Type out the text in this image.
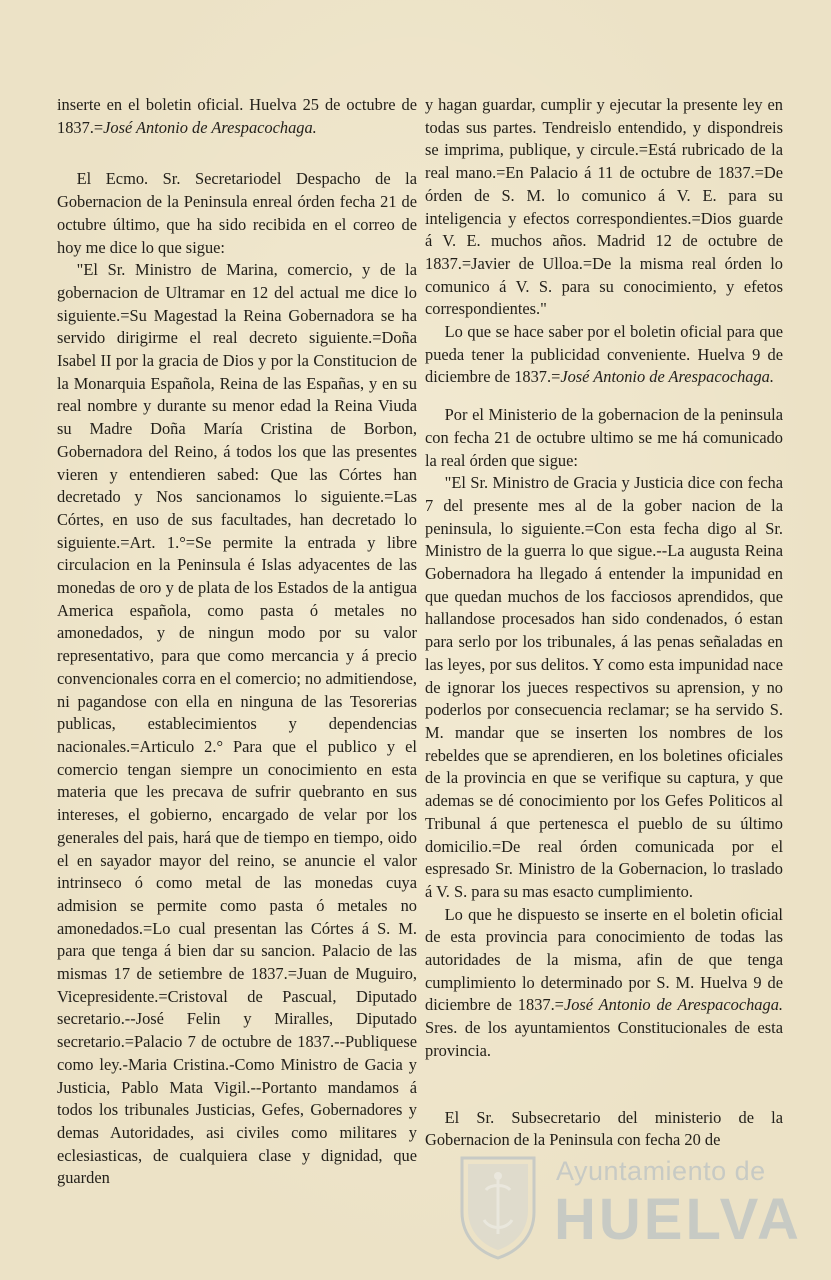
inserte en el boletin oficial. Huelva 25 de octubre de 1837.=José Antonio de Arespacochaga.

El Ecmo. Sr. Secretariodel Despacho de la Gobernacion de la Peninsula enreal órden fecha 21 de octubre último, que ha sido recibida en el correo de hoy me dice lo que sigue:

"El Sr. Ministro de Marina, comercio, y de la gobernacion de Ultramar en 12 del actual me dice lo siguiente.=Su Magestad la Reina Gobernadora se ha servido dirigirme el real decreto siguiente.=Doña Isabel II por la gracia de Dios y por la Constitucion de la Monarquia Española, Reina de las Españas, y en su real nombre y durante su menor edad la Reina Viuda su Madre Doña María Cristina de Borbon, Gobernadora del Reino, á todos los que las presentes vieren y entendieren sabed: Que las Córtes han decretado y Nos sancionamos lo siguiente.=Las Córtes, en uso de sus facultades, han decretado lo siguiente.=Art. 1.°=Se permite la entrada y libre circulacion en la Peninsula é Islas adyacentes de las monedas de oro y de plata de los Estados de la antigua America española, como pasta ó metales no amonedados, y de ningun modo por su valor representativo, para que como mercancia y á precio convencionales corra en el comercio; no admitiendose, ni pagandose con ella en ninguna de las Tesorerias publicas, establecimientos y dependencias nacionales.=Articulo 2.° Para que el publico y el comercio tengan siempre un conocimiento en esta materia que les precava de sufrir quebranto en sus intereses, el gobierno, encargado de velar por los generales del pais, hará que de tiempo en tiempo, oido el en sayador mayor del reino, se anuncie el valor intrinseco ó como metal de las monedas cuya admision se permite como pasta ó metales no amonedados.=Lo cual presentan las Córtes á S. M. para que tenga á bien dar su sancion. Palacio de las mismas 17 de setiembre de 1837.=Juan de Muguiro, Vicepresidente.=Cristoval de Pascual, Diputado secretario.--José Felin y Miralles, Diputado secretario.=Palacio 7 de octubre de 1837.--Publiquese como ley.-Maria Cristina.-Como Ministro de Gacia y Justicia, Pablo Mata Vigil.--Portanto mandamos á todos los tribunales Justicias, Gefes, Gobernadores y demas Autoridades, asi civiles como militares y eclesiasticas, de cualquiera clase y dignidad, que guarden

y hagan guardar, cumplir y ejecutar la presente ley en todas sus partes. Tendreislo entendido, y dispondreis se imprima, publique, y circule.=Está rubricado de la real mano.=En Palacio á 11 de octubre de 1837.=De órden de S. M. lo comunico á V. E. para su inteligencia y efectos correspondientes.=Dios guarde á V. E. muchos años. Madrid 12 de octubre de 1837.=Javier de Ulloa.=De la misma real órden lo comunico á V. S. para su conocimiento, y efetos correspondientes."

Lo que se hace saber por el boletin oficial para que pueda tener la publicidad conveniente. Huelva 9 de diciembre de 1837.=José Antonio de Arespacochaga.

Por el Ministerio de la gobernacion de la peninsula con fecha 21 de octubre ultimo se me há comunicado la real órden que sigue:

"El Sr. Ministro de Gracia y Justicia dice con fecha 7 del presente mes al de la gober nacion de la peninsula, lo siguiente.=Con esta fecha digo al Sr. Ministro de la guerra lo que sigue.--La augusta Reina Gobernadora ha llegado á entender la impunidad en que quedan muchos de los facciosos aprendidos, que hallandose procesados han sido condenados, ó estan para serlo por los tribunales, á las penas señaladas en las leyes, por sus delitos. Y como esta impunidad nace de ignorar los jueces respectivos su aprension, y no poderlos por consecuencia reclamar; se ha servido S. M. mandar que se inserten los nombres de los rebeldes que se aprendieren, en los boletines oficiales de la provincia en que se verifique su captura, y que ademas se dé conocimiento por los Gefes Politicos al Tribunal á que pertenesca el pueblo de su último domicilio.=De real órden comunicada por el espresado Sr. Ministro de la Gobernacion, lo traslado á V. S. para su mas esacto cumplimiento.

Lo que he dispuesto se inserte en el boletin oficial de esta provincia para conocimiento de todas las autoridades de la misma, afin de que tenga cumplimiento lo determinado por S. M. Huelva 9 de diciembre de 1837.=José Antonio de Arespacochaga. Sres. de los ayuntamientos Constitucionales de esta provincia.

El Sr. Subsecretario del ministerio de la Gobernacion de la Peninsula con fecha 20 de

Ayuntamiento de
HUELVA
